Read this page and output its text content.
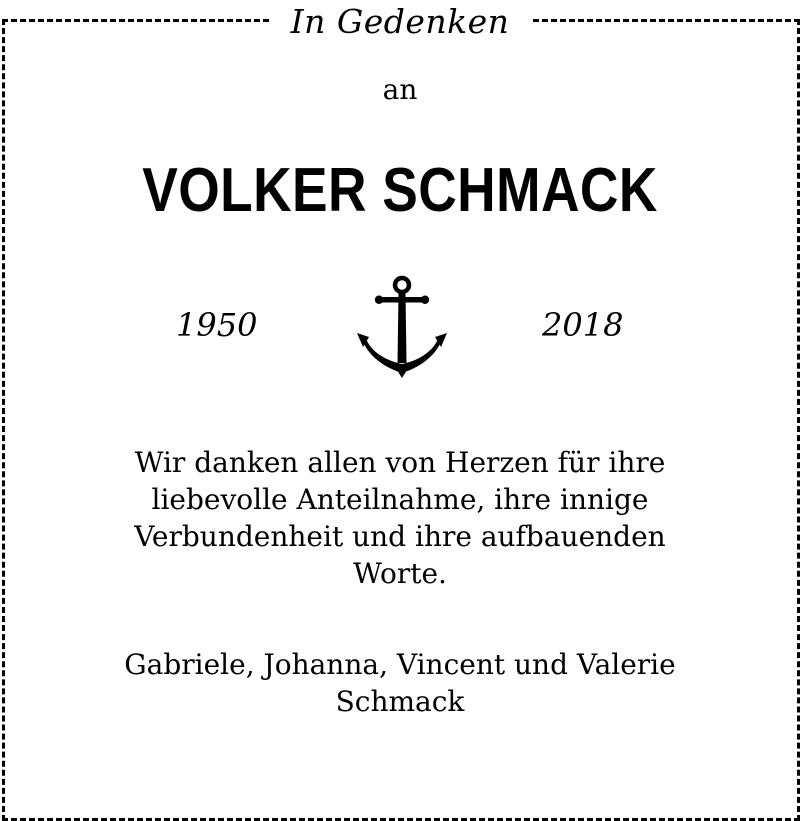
In Gedenken
an
VOLKER SCHMACK
1950	2018
Wir danken allen von Herzen für ihre
liebevolle Anteilnahme, ihre innige
Verbundenheit und ihre aufbauenden
Worte.
Gabriele, Johanna, Vincent und Valerie
Schmack
